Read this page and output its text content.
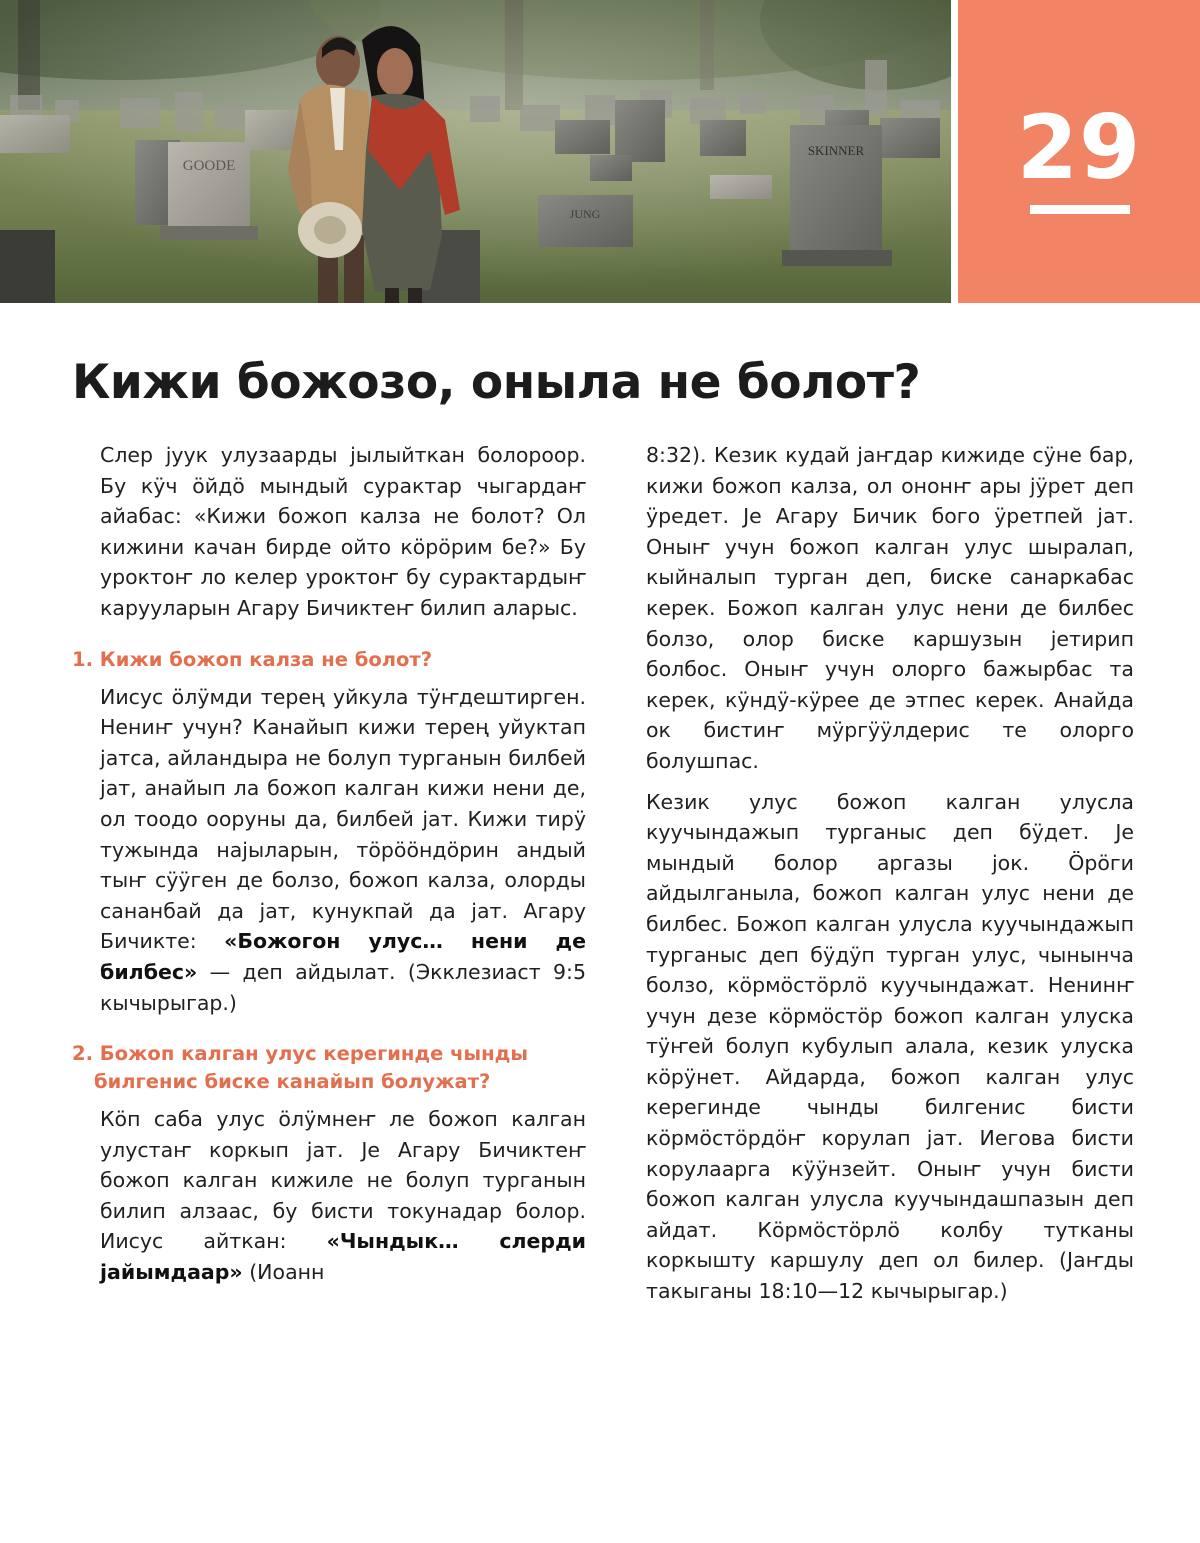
GOODE
JUNG
SKINNER	29
Кижи божозо, оныла не болот?

Слер јуук улузаарды јылыйткан болороор. Бу кӱч ӧйдӧ мындый сурактар чыгардаҥ айабас: «Кижи божоп калза не болот? Ол кижини качан бирде ойто кӧрӧрим бе?» Бу уроктоҥ ло келер уроктоҥ бу сурактардыҥ карууларын Агару Бичиктеҥ билип аларыс.

1. Кижи божоп калза не болот?

Иисус ӧлӱмди терең уйкула тӱҥдештирген. Нениҥ учун? Канайып кижи терең уйуктап јатса, айландыра не болуп турганын билбей јат, анайып ла божоп калган кижи нени де, ол тоодо ооруны да, билбей јат. Кижи тирӱ тужында најыларын, тӧрӧӧндӧрин андый тыҥ сӱӱген де болзо, божоп калза, олорды сананбай да јат, кунукпай да јат. Агару Бичикте: «Божогон улус… нени де билбес» — деп айдылат. (Экклезиаст 9:5 кычырыгар.)

2. Божоп калган улус керегинде чынды билгенис биске канайып болужат?

Кӧп саба улус ӧлӱмнеҥ ле божоп калган улустаҥ коркып јат. Је Агару Бичиктеҥ божоп калган кижиле не болуп турганын билип алзаас, бу бисти токунадар болор. Иисус айткан: «Чындык… слерди јайымдаар» (Иоанн

8:32). Кезик кудай јаҥдар кижиде сӱне бар, кижи божоп калза, ол ононҥ ары јӱрет деп ӱредет. Је Агару Бичик бого ӱретпей јат. Оныҥ учун божоп калган улус шыралап, кыйналып турган деп, биске санаркабас керек. Божоп калган улус нени де билбес болзо, олор биске каршузын јетирип болбос. Оныҥ учун олорго бажырбас та керек, кӱндӱ-кӱрее де этпес керек. Анайда ок бистиҥ мӱргӱӱлдерис те олорго болушпас.

Кезик улус божоп калган улусла куучындажып турганыс деп бӱдет. Је мындый болор аргазы јок. Ӧрӧги айдылганыла, божоп калган улус нени де билбес. Божоп калган улусла куучындажып турганыс деп бӱдӱп турган улус, чынынча болзо, кӧрмӧстӧрлӧ куучындажат. Ненинҥ учун дезе кӧрмӧстӧр божоп калган улуска тӱҥей болуп кубулып алала, кезик улуска кӧрӱнет. Айдарда, божоп калган улус керегинде чынды билгенис бисти кӧрмӧстӧрдӧҥ корулап јат. Иегова бисти корулаарга кӱӱнзейт. Оныҥ учун бисти божоп калган улусла куучындашпазын деп айдат. Кӧрмӧстӧрлӧ колбу тутканы коркышту каршулу деп ол билер. (Јаҥды такыганы 18:10—12 кычырыгар.)
